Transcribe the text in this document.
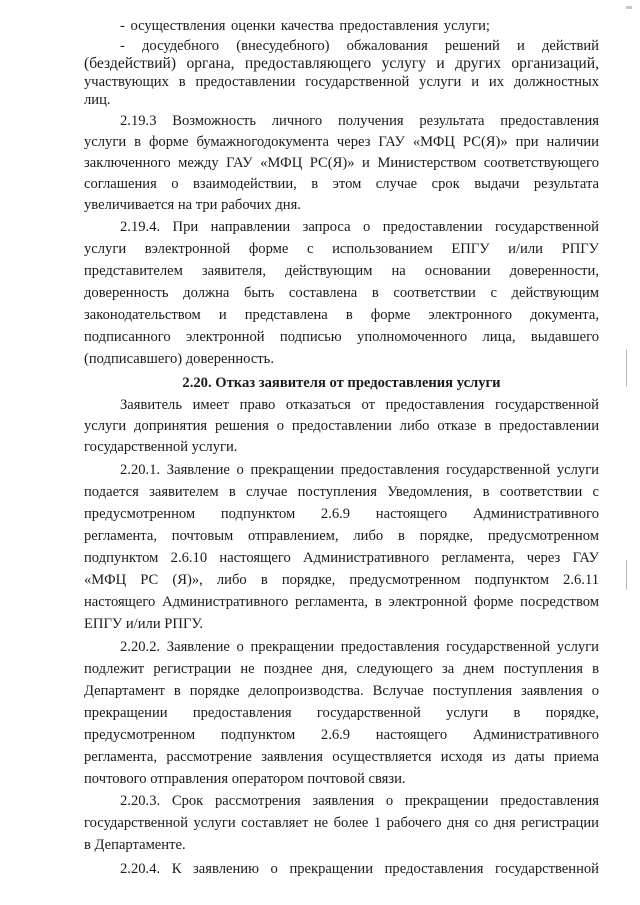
- осуществления оценки качества предоставления услуги;
- досудебного (внесудебного) обжалования решений и действий
(бездействий) органа, предоставляющего услугу и других организаций,
участвующих в предоставлении государственной услуги и их должностных
лиц.
2.19.3 Возможность личного получения результата предоставления
услуги в форме бумажногодокумента через ГАУ «МФЦ РС(Я)» при наличии
заключенного между ГАУ «МФЦ РС(Я)» и Министерством соответствующего
соглашения о взаимодействии, в этом случае срок выдачи результата
увеличивается на три рабочих дня.
2.19.4. При направлении запроса о предоставлении государственной
услуги вэлектронной форме с использованием ЕПГУ и/или РПГУ
представителем заявителя, действующим на основании доверенности,
доверенность должна быть составлена в соответствии с действующим
законодательством и представлена в форме электронного документа,
подписанного электронной подписью уполномоченного лица, выдавшего
(подписавшего) доверенность.
2.20. Отказ заявителя от предоставления услуги
Заявитель имеет право отказаться от предоставления государственной
услуги допринятия решения о предоставлении либо отказе в предоставлении
государственной услуги.
2.20.1. Заявление о прекращении предоставления государственной услуги
подается заявителем в случае поступления Уведомления, в соответствии с
предусмотренном подпунктом 2.6.9 настоящего Административного
регламента, почтовым отправлением, либо в порядке, предусмотренном
подпунктом 2.6.10 настоящего Административного регламента, через ГАУ
«МФЦ РС (Я)», либо в порядке, предусмотренном подпунктом 2.6.11
настоящего Административного регламента, в электронной форме посредством
ЕПГУ и/или РПГУ.
2.20.2. Заявление о прекращении предоставления государственной услуги
подлежит регистрации не позднее дня, следующего за днем поступления в
Департамент в порядке делопроизводства. Вслучае поступления заявления о
прекращении предоставления государственной услуги в порядке,
предусмотренном подпунктом 2.6.9 настоящего Административного
регламента, рассмотрение заявления осуществляется исходя из даты приема
почтового отправления оператором почтовой связи.
2.20.3. Срок рассмотрения заявления о прекращении предоставления
государственной услуги составляет не более 1 рабочего дня со дня регистрации
в Департаменте.
2.20.4. К заявлению о прекращении предоставления государственной
